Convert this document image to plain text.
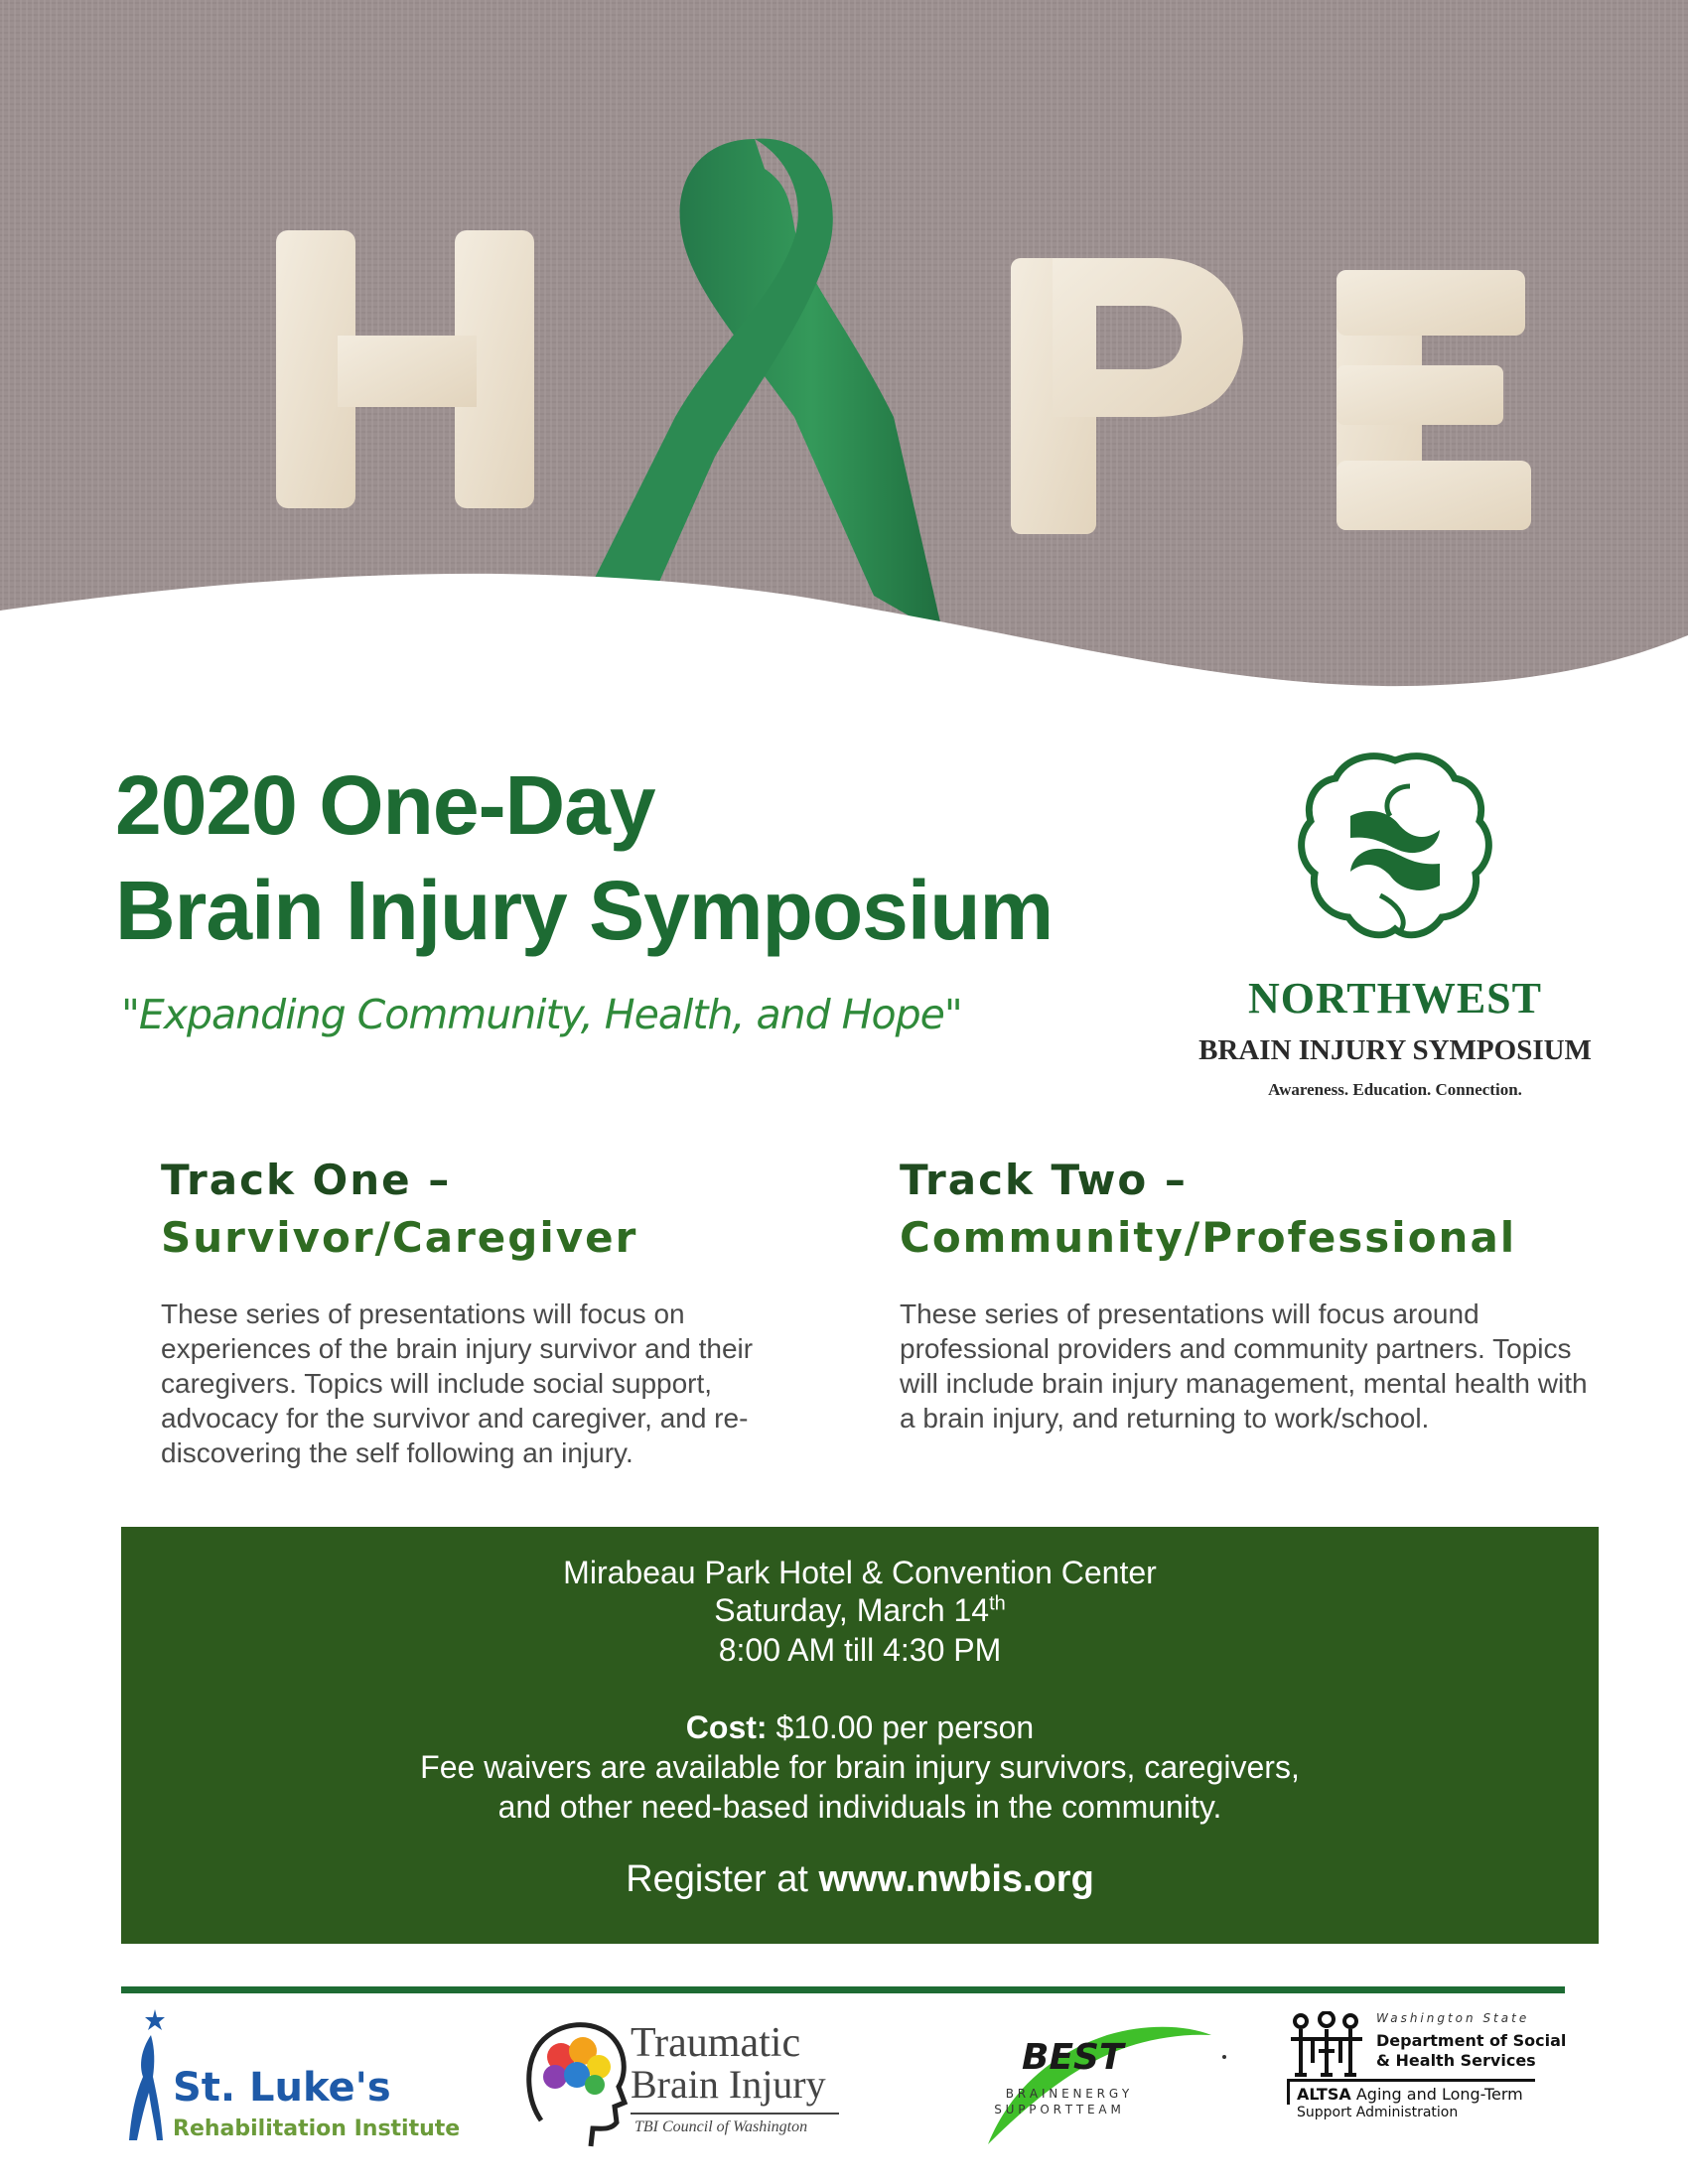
2020 One-Day
Brain Injury Symposium

"Expanding Community, Health, and Hope"	NORTHWEST
BRAIN INJURY SYMPOSIUM
Awareness. Education. Connection.
Track One –
Survivor/Caregiver

These series of presentations will focus on experiences of the brain injury survivor and their caregivers. Topics will include social support, advocacy for the survivor and caregiver, and re-discovering the self following an injury.

Track Two –
Community/Professional

These series of presentations will focus around professional providers and community partners. Topics will include brain injury management, mental health with a brain injury, and returning to work/school.

Mirabeau Park Hotel & Convention Center
Saturday, March 14th
8:00 AM till 4:30 PM
Cost: $10.00 per person
Fee waivers are available for brain injury survivors, caregivers,
and other need-based individuals in the community.
Register at www.nwbis.org
St. Luke's
Rehabilitation Institute
Traumatic
Brain Injury
TBI Council of Washington
BEST
B R A I N E N E R G Y
S U P P O R T T E A M
Washington State
Department of Social
& Health Services
ALTSA Aging and Long-Term
Support Administration
